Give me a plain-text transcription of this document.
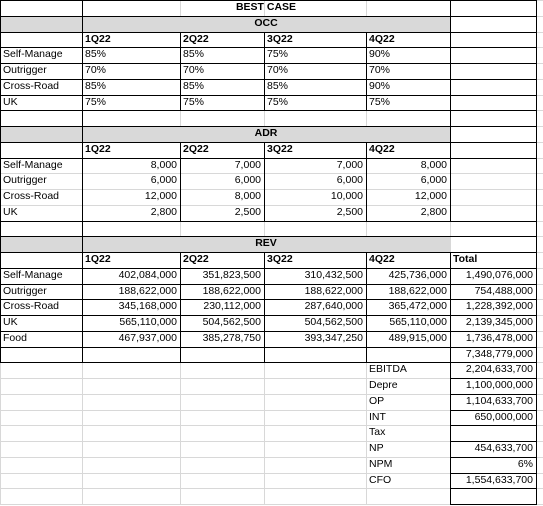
BEST CASE
OCC
1Q22	2Q22	3Q22	4Q22
Self-Manage	85%	85%	75%	90%
Outrigger	70%	70%	70%	70%
Cross-Road	85%	85%	85%	90%
UK	75%	75%	75%	75%
ADR
1Q22	2Q22	3Q22	4Q22
Self-Manage	8,000	7,000	7,000	8,000
Outrigger	6,000	6,000	6,000	6,000
Cross-Road	12,000	8,000	10,000	12,000
UK	2,800	2,500	2,500	2,800
REV
1Q22	2Q22	3Q22	4Q22	Total
Self-Manage	402,084,000	351,823,500	310,432,500	425,736,000	1,490,076,000
Outrigger	188,622,000	188,622,000	188,622,000	188,622,000	754,488,000
Cross-Road	345,168,000	230,112,000	287,640,000	365,472,000	1,228,392,000
UK	565,110,000	504,562,500	504,562,500	565,110,000	2,139,345,000
Food	467,937,000	385,278,750	393,347,250	489,915,000	1,736,478,000
7,348,779,000
EBITDA	2,204,633,700
Depre	1,100,000,000
OP	1,104,633,700
INT	650,000,000
Tax
NP	454,633,700
NPM	6%
CFO	1,554,633,700
